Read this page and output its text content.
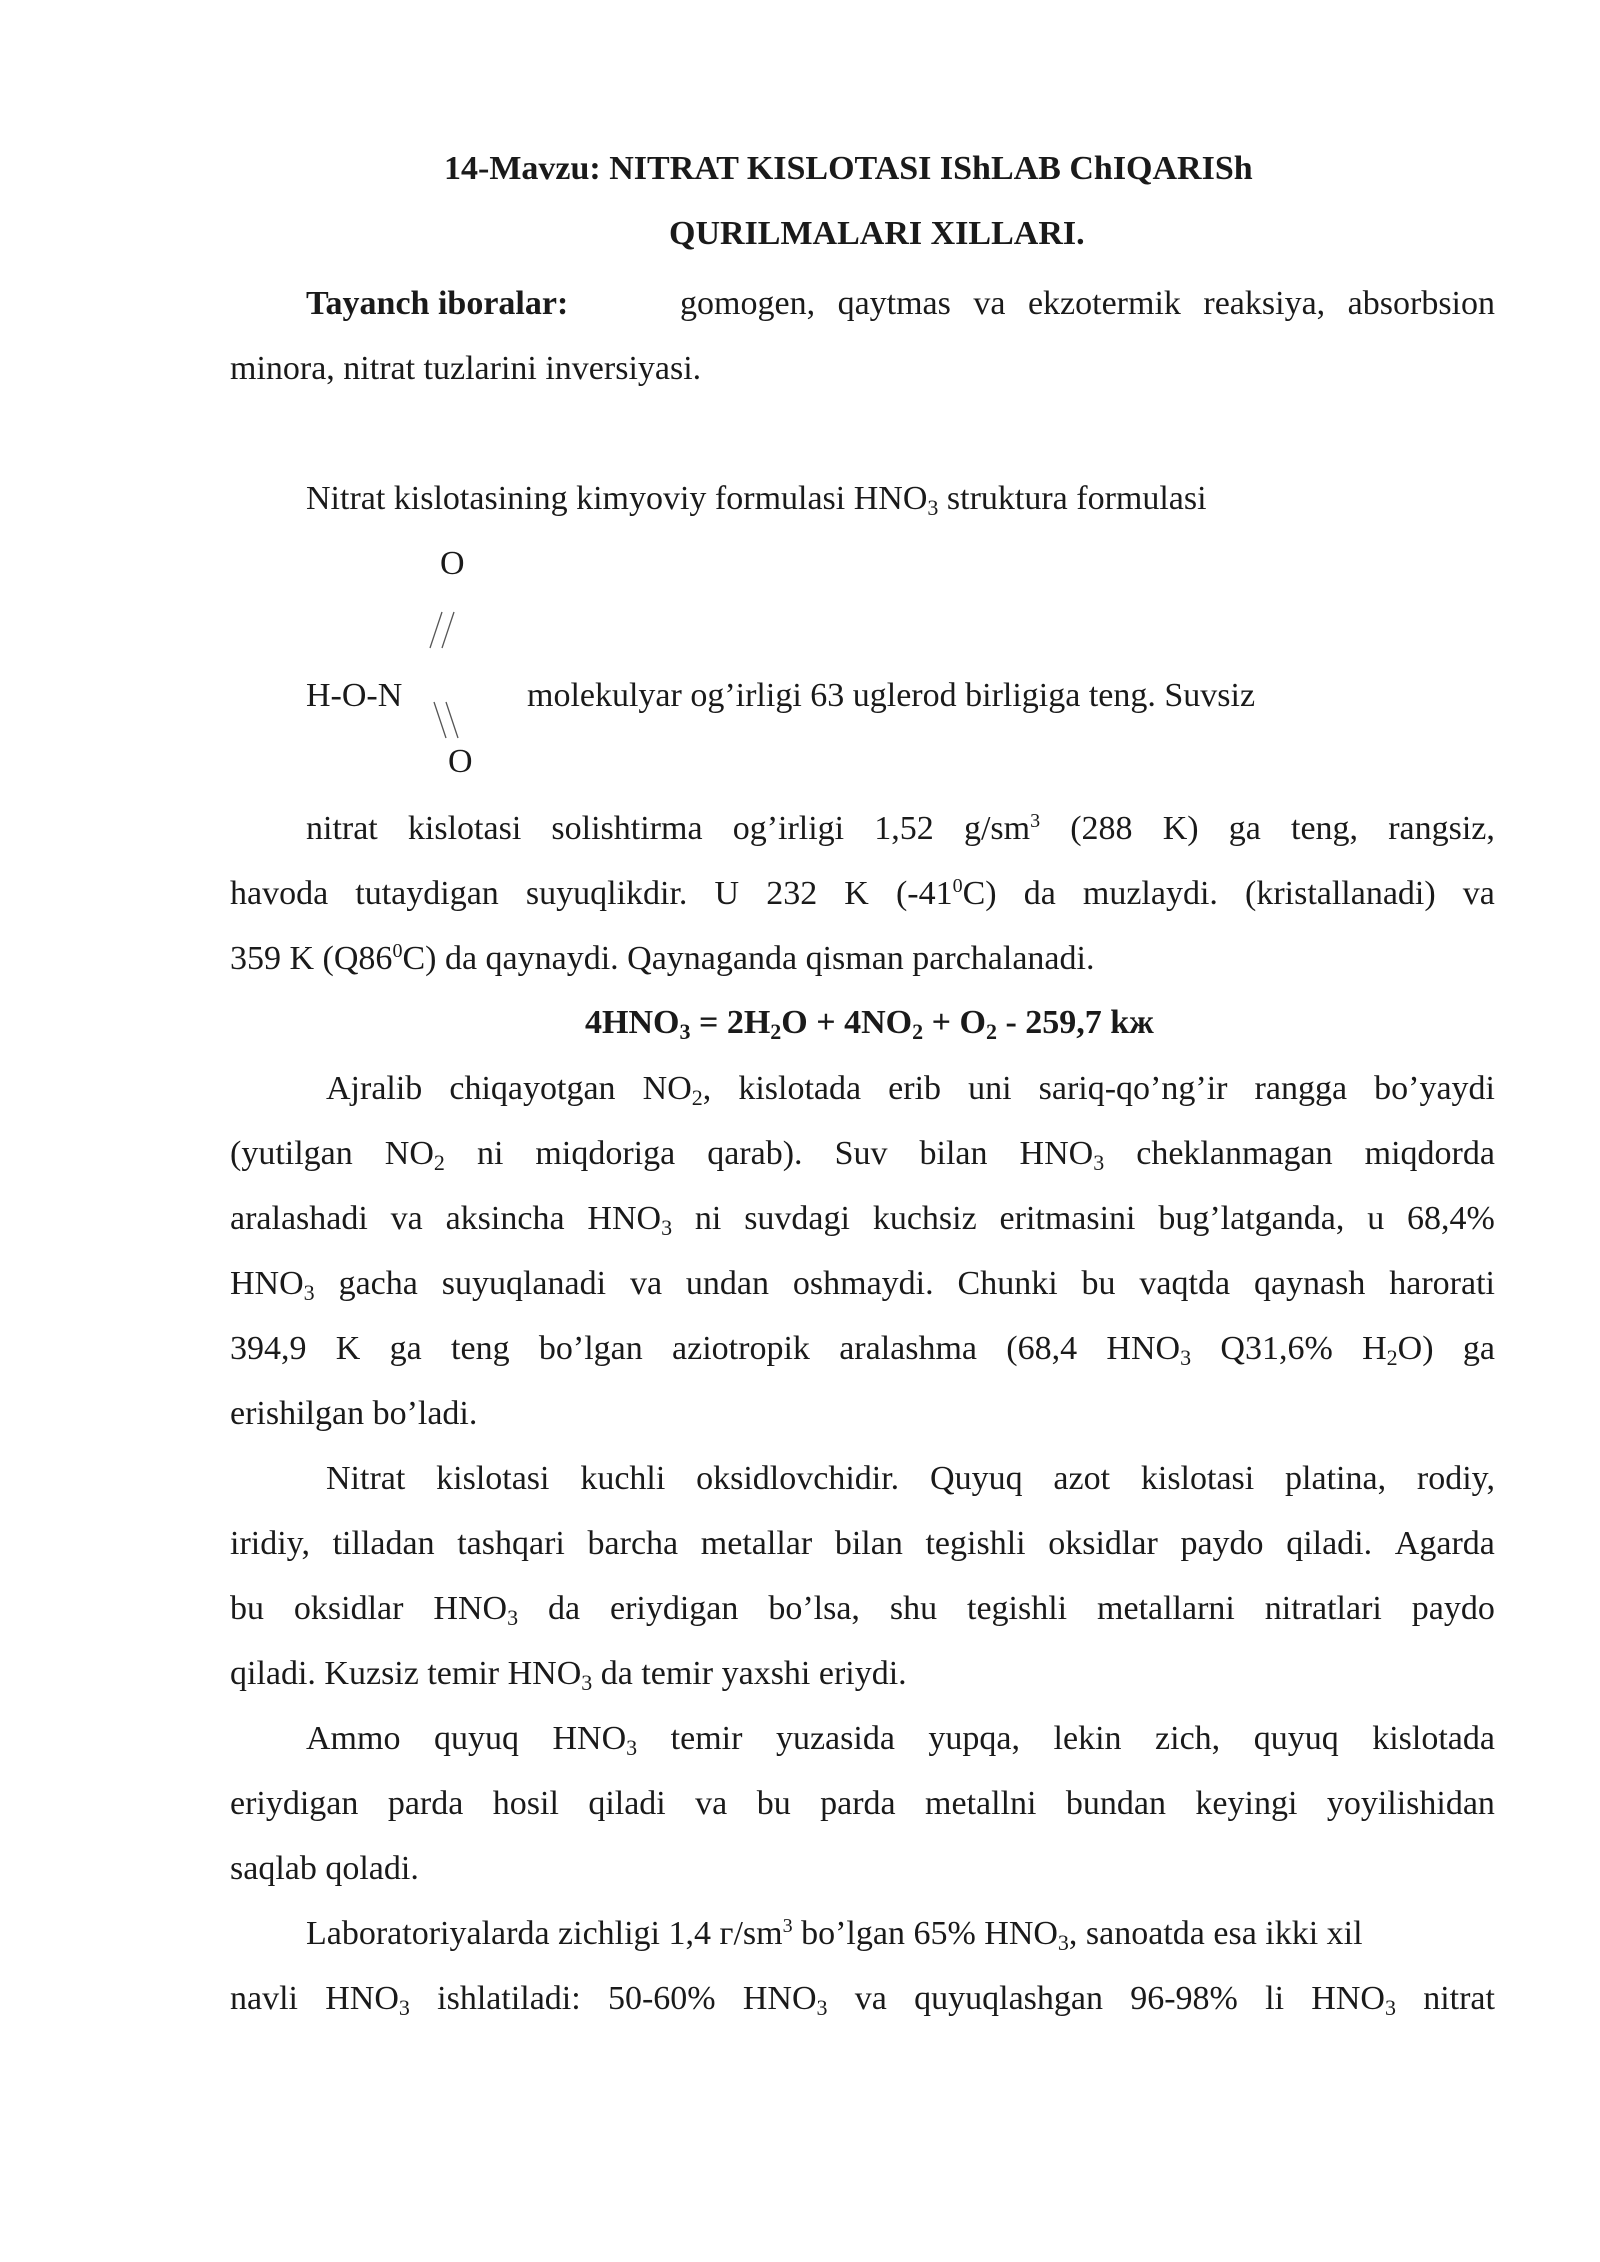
14-Mavzu: NITRAT KISLOTASI IShLAB ChIQARISh
QURILMALARI XILLARI.
Tayanch iboralar:	gomogen, qaytmas va ekzotermik reaksiya, absorbsion
minora, nitrat tuzlarini inversiyasi.
Nitrat kislotasining kimyoviy formulasi $HNO_3$ struktura formulasi
O
H-O-N
O
molekulyar og’irligi 63 uglerod birligiga teng. Suvsiz
nitrat kislotasi solishtirma og’irligi 1,52 $g/sm^3$ (288 K) ga teng, rangsiz,
havoda tutaydigan suyuqlikdir. U 232 K $(-41^0C)$ da muzlaydi. (kristallanadi) va
359 K $(Q86^0C)$ da qaynaydi. Qaynaganda qisman parchalanadi.
$4HNO_3 = 2H_2O + 4NO_2 + O_2 - 259,7$ kж
Ajralib chiqayotgan $NO_2$, kislotada erib uni sariq-qo’ng’ir rangga bo’yaydi
(yutilgan $NO_2$ ni miqdoriga qarab). Suv bilan $HNO_3$ cheklanmagan miqdorda
aralashadi va aksincha $HNO_3$ ni suvdagi kuchsiz eritmasini bug’latganda, u 68,4%
$HNO_3$ gacha suyuqlanadi va undan oshmaydi. Chunki bu vaqtda qaynash harorati
394,9 K ga teng bo’lgan aziotropik aralashma (68,4 $HNO_3$ Q31,6% $H_2O$) ga
erishilgan bo’ladi.
Nitrat kislotasi kuchli oksidlovchidir. Quyuq azot kislotasi platina, rodiy,
iridiy, tilladan tashqari barcha metallar bilan tegishli oksidlar paydo qiladi. Agarda
bu oksidlar $HNO_3$ da eriydigan bo’lsa, shu tegishli metallarni nitratlari paydo
qiladi. Kuzsiz temir $HNO_3$ da temir yaxshi eriydi.
Ammo quyuq $HNO_3$ temir yuzasida yupqa, lekin zich, quyuq kislotada
eriydigan parda hosil qiladi va bu parda metallni bundan keyingi yoyilishidan
saqlab qoladi.
Laboratoriyalarda zichligi 1,4 $г/sm^3$ bo’lgan 65% $HNO_3$, sanoatda esa ikki xil
navli $HNO_3$ ishlatiladi: 50-60% $HNO_3$ va quyuqlashgan 96-98% li $HNO_3$ nitrat
